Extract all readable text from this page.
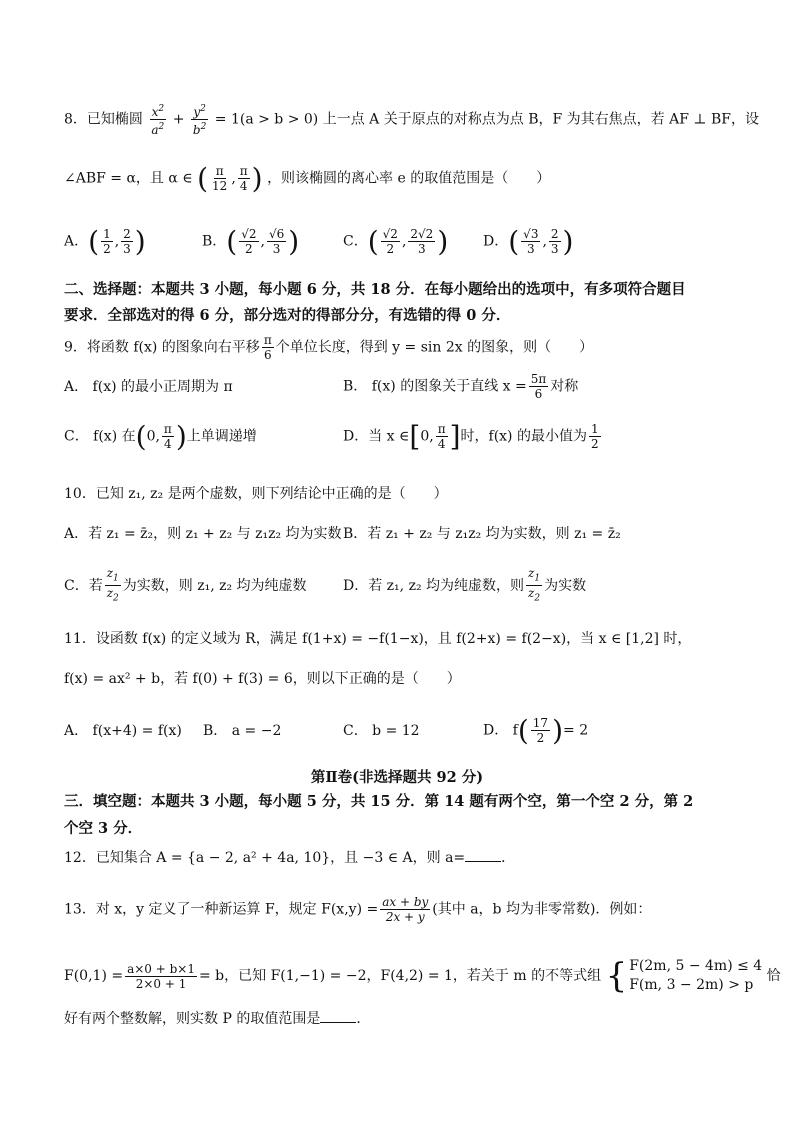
8．已知椭圆 $\frac{x^2}{a^2} + \frac{y^2}{b^2} = 1(a > b > 0)$ 上一点 A 关于原点的对称点为点 B，F 为其右焦点，若 AF ⊥ BF，设
∠ABF = α，且 α ∈ ( $\frac{\pi}{12}$ , $\frac{\pi}{4}$ ) ，则该椭圆的离心率 e 的取值范围是（　　）
A．( $\frac{1}{2}$ , $\frac{2}{3}$ )	B．( $\frac{√2}{2}$ , $\frac{√6}{3}$ )	C．( $\frac{√2}{2}$ , $\frac{2√2}{3}$ ) D．( $\frac{√3}{3}$ , $\frac{2}{3}$ )
二、选择题：本题共 3 小题，每小题 6 分，共 18 分．在每小题给出的选项中，有多项符合题目
要求．全部选对的得 6 分，部分选对的得部分分，有选错的得 0 分．
9．将函数 f(x) 的图象向右平移 $\frac{\pi}{6}$ 个单位长度，得到 y = sin 2x 的图象，则（　　）
A． f(x) 的最小正周期为 π	B． f(x) 的图象关于直线 $x = \frac{5\pi}{6}$ 对称
C． f(x) 在(0, $\frac{\pi}{4}$ )上单调递增	D．当 x ∈[0, $\frac{\pi}{4}$ ]时，f(x) 的最小值为 $\frac{1}{2}$
10．已知 z₁, z₂ 是两个虚数，则下列结论中正确的是（　　）
A．若 z₁ = z̄₂，则 z₁ + z₂ 与 z₁z₂ 均为实数 B．若 z₁ + z₂ 与 z₁z₂ 均为实数，则 z₁ = z̄₂
C．若 $\frac{z_1}{z_2}$ 为实数，则 z₁, z₂ 均为纯虚数	D．若 z₁, z₂ 均为纯虚数，则 $\frac{z_1}{z_2}$ 为实数
11．设函数 f(x) 的定义域为 R，满足 f(1+x) = −f(1−x)，且 f(2+x) = f(2−x)，当 x ∈ [1,2] 时，
f(x) = ax² + b，若 f(0) + f(3) = 6，则以下正确的是（　　）
A． f(x+4) = f(x) B． a = −2	C． b = 12	D． $f( \frac{17}{2}$ )= 2
第Ⅱ卷(非选择题共 92 分)
三．填空题：本题共 3 小题，每小题 5 分，共 15 分．第 14 题有两个空，第一个空 2 分，第 2
个空 3 分．
12．已知集合 A = {a − 2, a² + 4a, 10}，且 −3 ∈ A，则 a=	．
13．对 x，y 定义了一种新运算 F，规定 $F(x,y) = \frac{ax + by}{2x + y}$ (其中 a，b 均为非零常数)．例如：
$F(0,1) = \frac{a\times 0 + b\times 1}{2\times 0 + 1} = b$，已知 F(1,−1) = −2，F(4,2) = 1，若关于 m 的不等式组 { F(2m, 5 − 4m) ≤ 4
F(m, 3 − 2m) > p
恰
好有两个整数解，则实数 P 的取值范围是	．
